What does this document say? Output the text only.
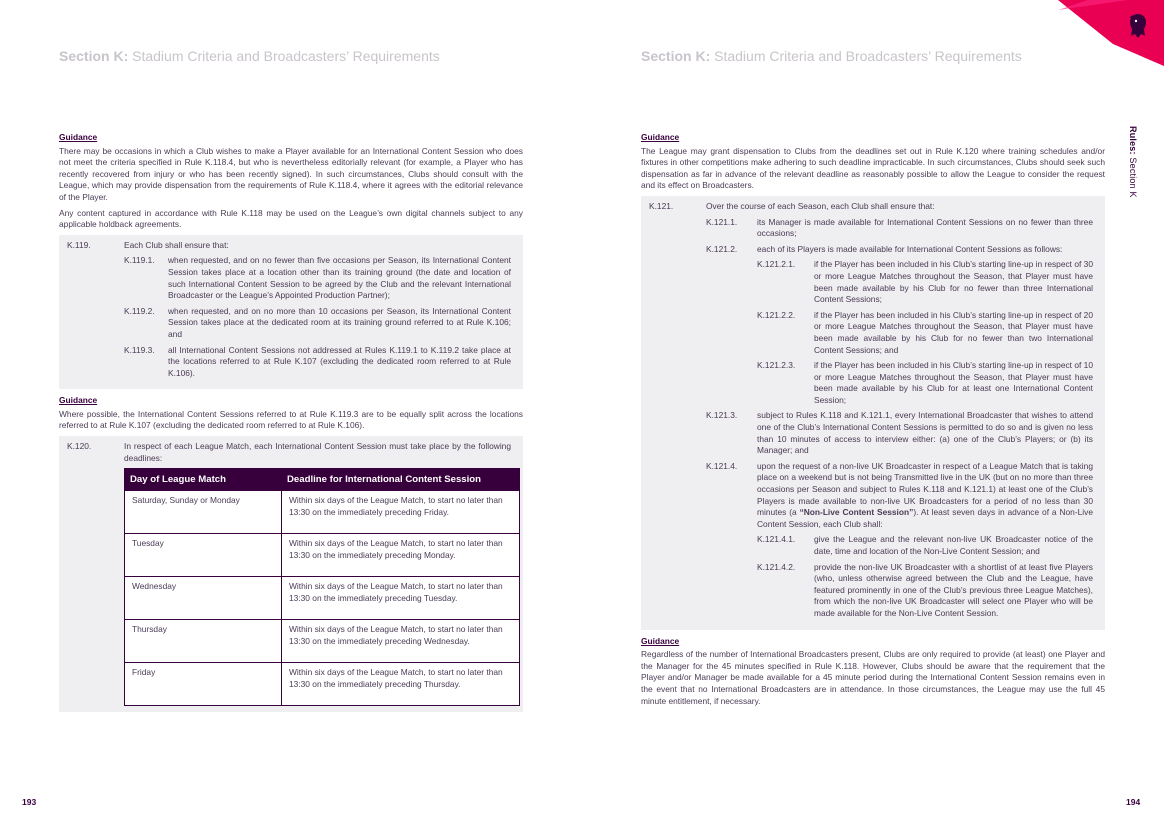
Section K: Stadium Criteria and Broadcasters’ Requirements
Guidance

There may be occasions in which a Club wishes to make a Player available for an International Content Session who does not meet the criteria specified in Rule K.118.4, but who is nevertheless editorially relevant (for example, a Player who has recently recovered from injury or who has been recently signed). In such circumstances, Clubs should consult with the League, which may provide dispensation from the requirements of Rule K.118.4, where it agrees with the editorial relevance of the Player.

Any content captured in accordance with Rule K.118 may be used on the League’s own digital channels subject to any applicable holdback agreements.

K.119.	Each Club shall ensure that:
K.119.1.	when requested, and on no fewer than five occasions per Season, its International Content Session takes place at a location other than its training ground (the date and location of such International Content Session to be agreed by the Club and the relevant International Broadcaster or the League’s Appointed Production Partner);
K.119.2.	when requested, and on no more than 10 occasions per Season, its International Content Session takes place at the dedicated room at its training ground referred to at Rule K.106; and
K.119.3.	all International Content Sessions not addressed at Rules K.119.1 to K.119.2 take place at the locations referred to at Rule K.107 (excluding the dedicated room referred to at Rule K.106).
Guidance

Where possible, the International Content Sessions referred to at Rule K.119.3 are to be equally split across the locations referred to at Rule K.107 (excluding the dedicated room referred to at Rule K.106).

K.120.	In respect of each League Match, each International Content Session must take place by the following deadlines:
Day of League Match	Deadline for International Content Session
Saturday, Sunday or Monday	Within six days of the League Match, to start no later than 13:30 on the immediately preceding Friday.
Tuesday	Within six days of the League Match, to start no later than 13:30 on the immediately preceding Monday.
Wednesday	Within six days of the League Match, to start no later than 13:30 on the immediately preceding Tuesday.
Thursday	Within six days of the League Match, to start no later than 13:30 on the immediately preceding Wednesday.
Friday	Within six days of the League Match, to start no later than 13:30 on the immediately preceding Thursday.
193
Section K: Stadium Criteria and Broadcasters’ Requirements
Guidance

The League may grant dispensation to Clubs from the deadlines set out in Rule K.120 where training schedules and/or fixtures in other competitions make adhering to such deadline impracticable. In such circumstances, Clubs should seek such dispensation as far in advance of the relevant deadline as reasonably possible to allow the League to consider the request and its effect on Broadcasters.

K.121.	Over the course of each Season, each Club shall ensure that:
K.121.1.	its Manager is made available for International Content Sessions on no fewer than three occasions;
K.121.2.	each of its Players is made available for International Content Sessions as follows:
K.121.2.1.	if the Player has been included in his Club’s starting line-up in respect of 30 or more League Matches throughout the Season, that Player must have been made available by his Club for no fewer than three International Content Sessions;
K.121.2.2.	if the Player has been included in his Club’s starting line-up in respect of 20 or more League Matches throughout the Season, that Player must have been made available by his Club for no fewer than two International Content Sessions; and
K.121.2.3.	if the Player has been included in his Club’s starting line-up in respect of 10 or more League Matches throughout the Season, that Player must have been made available by his Club for at least one International Content Session;
K.121.3.	subject to Rules K.118 and K.121.1, every International Broadcaster that wishes to attend one of the Club’s International Content Sessions is permitted to do so and is given no less than 10 minutes of access to interview either: (a) one of the Club’s Players; or (b) its Manager; and
K.121.4.	upon the request of a non-live UK Broadcaster in respect of a League Match that is taking place on a weekend but is not being Transmitted live in the UK (but on no more than three occasions per Season and subject to Rules K.118 and K.121.1) at least one of the Club’s Players is made available to non-live UK Broadcasters for a period of no less than 30 minutes (a “Non-Live Content Session”). At least seven days in advance of a Non-Live Content Session, each Club shall:
K.121.4.1.	give the League and the relevant non-live UK Broadcaster notice of the date, time and location of the Non-Live Content Session; and
K.121.4.2.	provide the non-live UK Broadcaster with a shortlist of at least five Players (who, unless otherwise agreed between the Club and the League, have featured prominently in one of the Club’s previous three League Matches), from which the non-live UK Broadcaster will select one Player who will be made available for the Non-Live Content Session.
Guidance

Regardless of the number of International Broadcasters present, Clubs are only required to provide (at least) one Player and the Manager for the 45 minutes specified in Rule K.118. However, Clubs should be aware that the requirement that the Player and/or Manager be made available for a 45 minute period during the International Content Session remains even in the event that no International Broadcasters are in attendance. In those circumstances, the League may use the full 45 minute entitlement, if necessary.

Rules: Section K
194
